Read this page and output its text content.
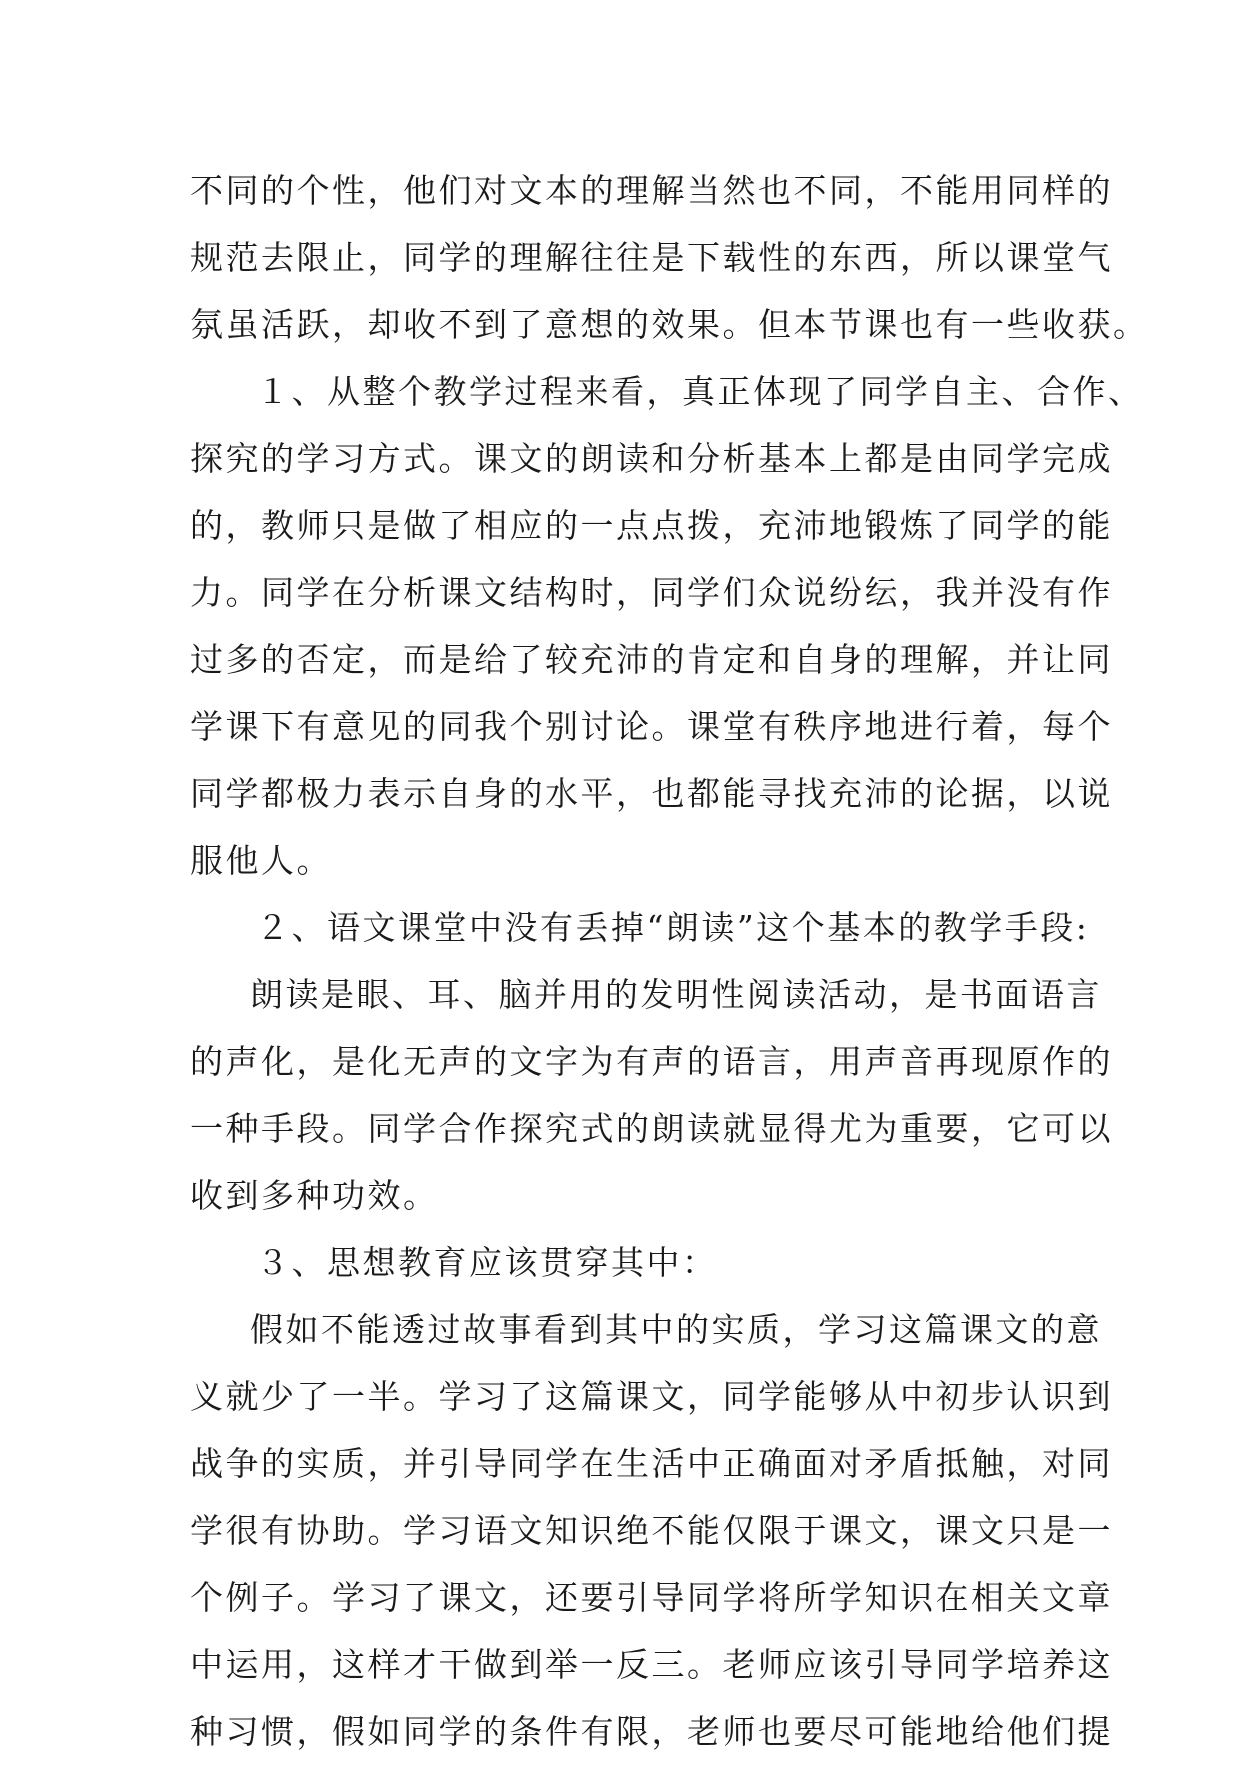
不同的个性，他们对文本的理解当然也不同，不能用同样的
规范去限止，同学的理解往往是下载性的东西，所以课堂气
氛虽活跃，却收不到了意想的效果。但本节课也有一些收获。
１、从整个教学过程来看，真正体现了同学自主、合作、
探究的学习方式。课文的朗读和分析基本上都是由同学完成
的，教师只是做了相应的一点点拨，充沛地锻炼了同学的能
力。同学在分析课文结构时，同学们众说纷纭，我并没有作
过多的否定，而是给了较充沛的肯定和自身的理解，并让同
学课下有意见的同我个别讨论。课堂有秩序地进行着，每个
同学都极力表示自身的水平，也都能寻找充沛的论据，以说
服他人。
２、语文课堂中没有丢掉“朗读”这个基本的教学手段:
朗读是眼、耳、脑并用的发明性阅读活动，是书面语言
的声化，是化无声的文字为有声的语言，用声音再现原作的
一种手段。同学合作探究式的朗读就显得尤为重要，它可以
收到多种功效。
３、思想教育应该贯穿其中：
假如不能透过故事看到其中的实质，学习这篇课文的意
义就少了一半。学习了这篇课文，同学能够从中初步认识到
战争的实质，并引导同学在生活中正确面对矛盾抵触，对同
学很有协助。学习语文知识绝不能仅限于课文，课文只是一
个例子。学习了课文，还要引导同学将所学知识在相关文章
中运用，这样才干做到举一反三。老师应该引导同学培养这
种习惯，假如同学的条件有限，老师也要尽可能地给他们提
